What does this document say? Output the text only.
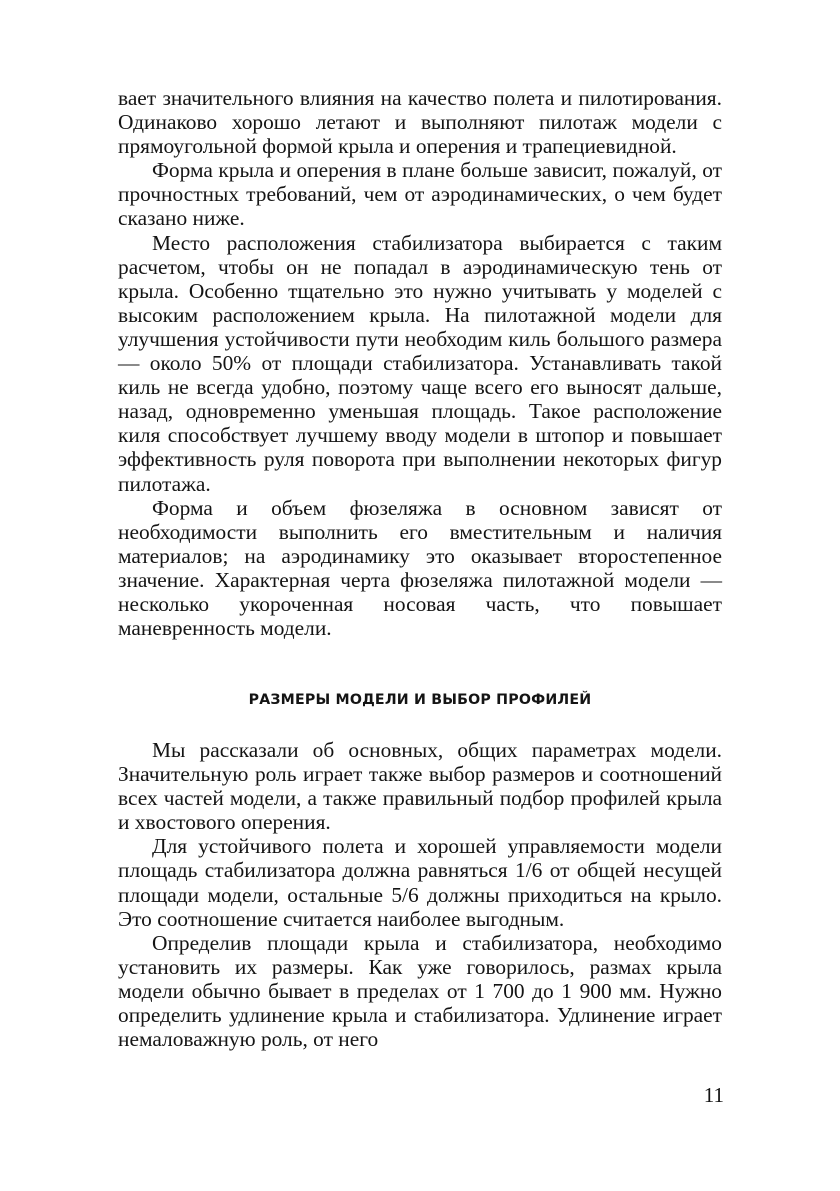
вает значительного влияния на качество полета и пилотирования. Одинаково хорошо летают и выполняют пилотаж модели с прямоугольной формой крыла и оперения и трапециевидной.

Форма крыла и оперения в плане больше зависит, пожалуй, от прочностных требований, чем от аэродинамических, о чем будет сказано ниже.

Место расположения стабилизатора выбирается с таким расчетом, чтобы он не попадал в аэродинамическую тень от крыла. Особенно тщательно это нужно учитывать у моделей с высоким расположением крыла. На пилотажной модели для улучшения устойчивости пути необходим киль большого размера — около 50% от площади стабилизатора. Устанавливать такой киль не всегда удобно, поэтому чаще всего его выносят дальше, назад, одновременно уменьшая площадь. Такое расположение киля способствует лучшему вводу модели в штопор и повышает эффективность руля поворота при выполнении некоторых фигур пилотажа.

Форма и объем фюзеляжа в основном зависят от необходимости выполнить его вместительным и наличия материалов; на аэродинамику это оказывает второстепенное значение. Характерная черта фюзеляжа пилотажной модели — несколько укороченная носовая часть, что повышает маневренность модели.

РАЗМЕРЫ МОДЕЛИ И ВЫБОР ПРОФИЛЕЙ

Мы рассказали об основных, общих параметрах модели. Значительную роль играет также выбор размеров и соотношений всех частей модели, а также правильный подбор профилей крыла и хвостового оперения.

Для устойчивого полета и хорошей управляемости модели площадь стабилизатора должна равняться 1/6 от общей несущей площади модели, остальные 5/6 должны приходиться на крыло. Это соотношение считается наиболее выгодным.

Определив площади крыла и стабилизатора, необходимо установить их размеры. Как уже говорилось, размах крыла модели обычно бывает в пределах от 1 700 до 1 900 мм. Нужно определить удлинение крыла и стабилизатора. Удлинение играет немаловажную роль, от него

11
